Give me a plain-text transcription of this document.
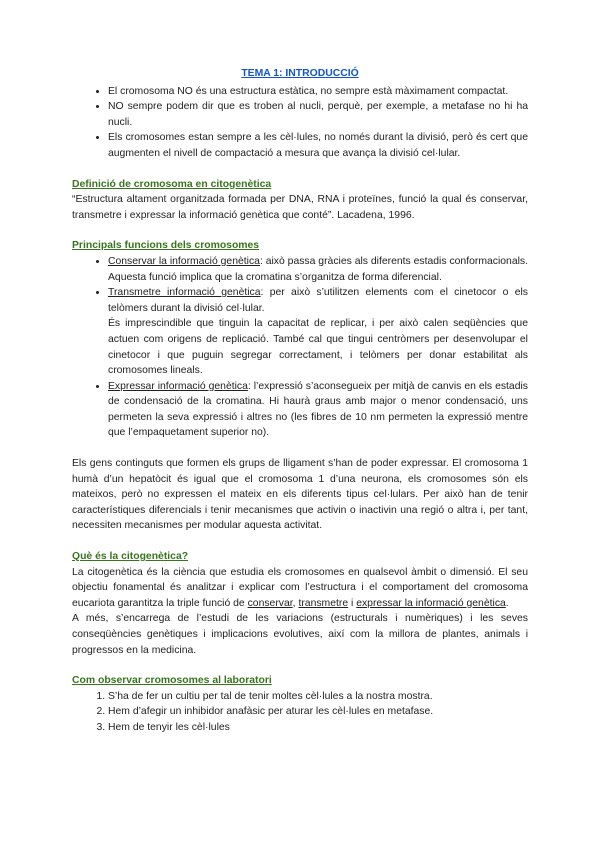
TEMA 1: INTRODUCCIÓ

• El cromosoma NO és una estructura estàtica, no sempre està màximament compactat.
• NO sempre podem dir que es troben al nucli, perquè, per exemple, a metafase no hi ha nucli.
• Els cromosomes estan sempre a les cèl·lules, no només durant la divisió, però és cert que augmenten el nivell de compactació a mesura que avança la divisió cel·lular.

Definició de cromosoma en citogenètica

“Estructura altament organitzada formada per DNA, RNA i proteïnes, funció la qual és conservar, transmetre i expressar la informació genètica que conté”. Lacadena, 1996.

Principals funcions dels cromosomes

• Conservar la informació genètica: això passa gràcies als diferents estadis conformacionals. Aquesta funció implica que la cromatina s’organitza de forma diferencial.
• Transmetre informació genètica: per això s’utilitzen elements com el cinetocor o els telòmers durant la divisió cel·lular.
És imprescindible que tinguin la capacitat de replicar, i per això calen seqüències que actuen com origens de replicació. També cal que tingui centròmers per desenvolupar el cinetocor i que puguin segregar correctament, i telòmers per donar estabilitat als cromosomes lineals.
• Expressar informació genètica: l’expressió s’aconsegueix per mitjà de canvis en els estadis de condensació de la cromatina. Hi haurà graus amb major o menor condensació, uns permeten la seva expressió i altres no (les fibres de 10 nm permeten la expressió mentre que l’empaquetament superior no).

Els gens continguts que formen els grups de lligament s’han de poder expressar. El cromosoma 1 humà d’un hepatòcit és igual que el cromosoma 1 d’una neurona, els cromosomes són els mateixos, però no expressen el mateix en els diferents tipus cel·lulars. Per això han de tenir característiques diferencials i tenir mecanismes que activin o inactivin una regió o altra i, per tant, necessiten mecanismes per modular aquesta activitat.

Què és la citogenètica?

La citogenètica és la ciència que estudia els cromosomes en qualsevol àmbit o dimensió. El seu objectiu fonamental és analitzar i explicar com l’estructura i el comportament del cromosoma eucariota garantitza la triple funció de conservar, transmetre i expressar la informació genètica.

A més, s’encarrega de l’estudi de les variacions (estructurals i numèriques) i les seves conseqüències genètiques i implicacions evolutives, així com la millora de plantes, animals i progressos en la medicina.

Com observar cromosomes al laboratori

1. S’ha de fer un cultiu per tal de tenir moltes cèl·lules a la nostra mostra.
2. Hem d’afegir un inhibidor anafàsic per aturar les cèl·lules en metafase.
3. Hem de tenyir les cèl·lules
